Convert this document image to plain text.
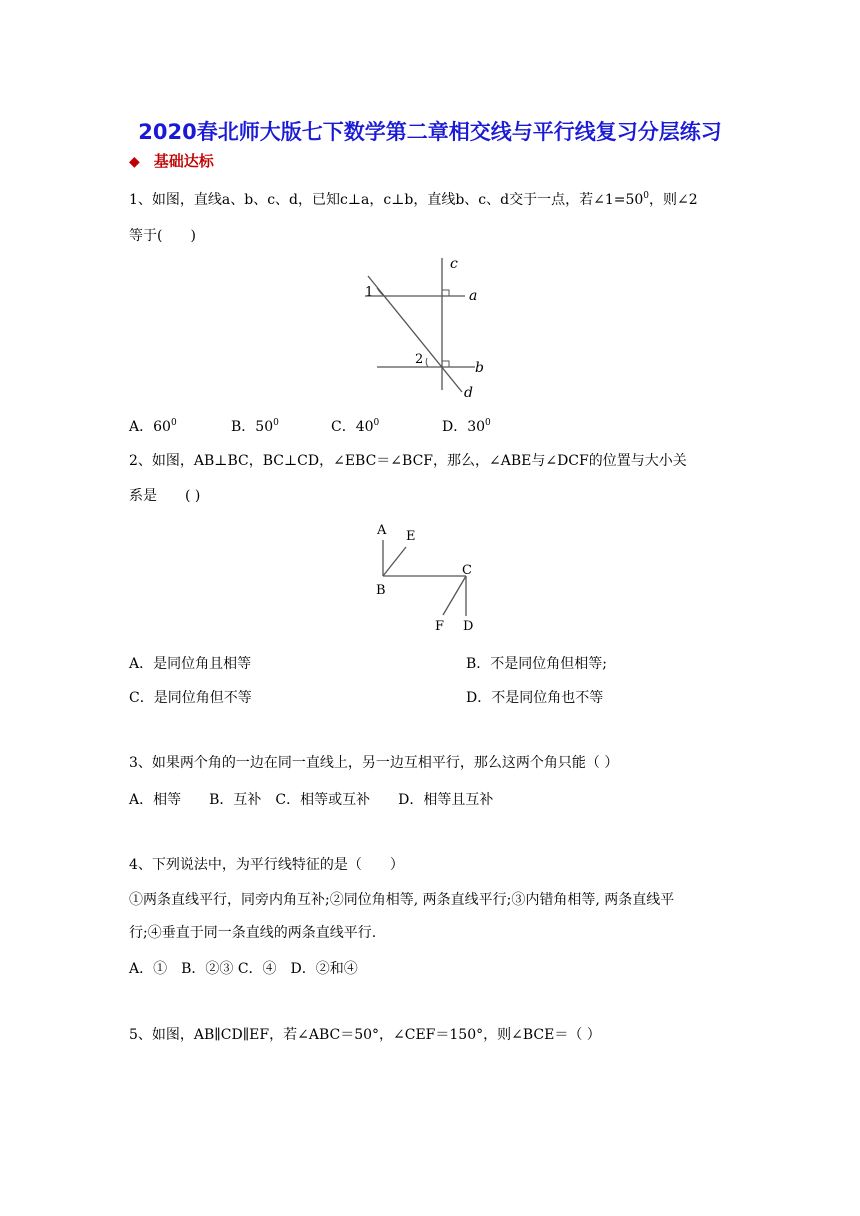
2020春北师大版七下数学第二章相交线与平行线复习分层练习
◆ 基础达标
1、如图，直线a、b、c、d，已知c⊥a，c⊥b，直线b、c、d交于一点，若$\angle 1=50^0$，则∠2
等于(　　)
c
a
b
d
1
2
A．$60^0$	B．$50^0$	C．$40^0$	D．$30^0$
2、如图，AB⊥BC，BC⊥CD，∠EBC＝∠BCF，那么，∠ABE与∠DCF的位置与大小关
系是　　( )
A E
B
C
F D
A．是同位角且相等	B．不是同位角但相等;
C．是同位角但不等	D．不是同位角也不等
3、如果两个角的一边在同一直线上，另一边互相平行，那么这两个角只能（ ）
A．相等　　B．互补　C．相等或互补　　D．相等且互补
4、下列说法中，为平行线特征的是（　　）
①两条直线平行，同旁内角互补;②同位角相等, 两条直线平行;③内错角相等, 两条直线平
行;④垂直于同一条直线的两条直线平行.
A．①　B．②③ C．④　D．②和④
5、如图，AB∥CD∥EF，若∠ABC＝50°，∠CEF＝150°，则∠BCE＝（ ）
